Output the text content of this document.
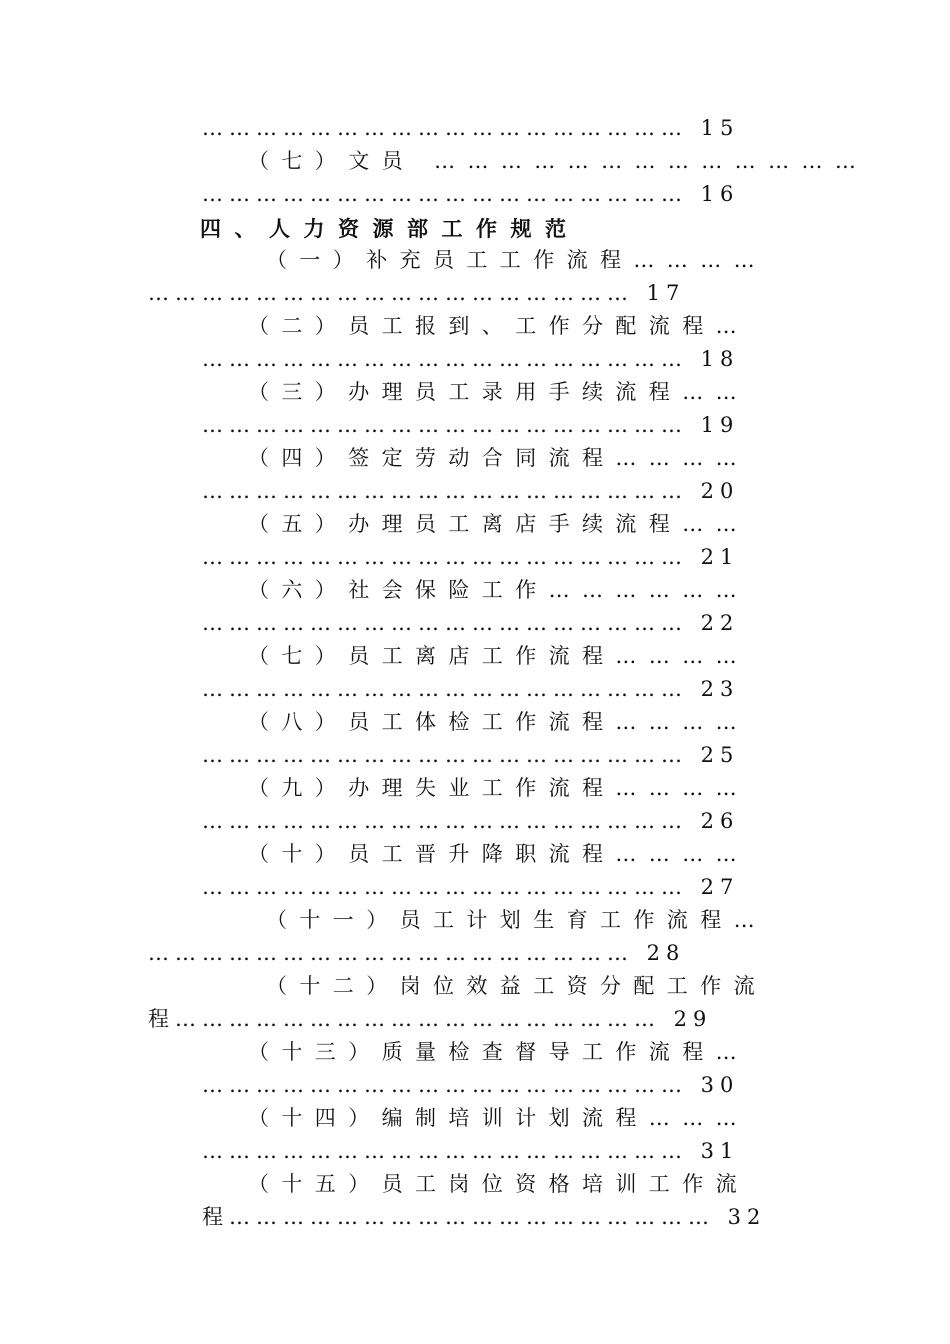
……………………………………………… 15
（七）文员 …………………………………
……………………………………………… 16
四、人力资源部工作规范
（一）补充员工工作流程…………
……………………………………………… 17
（二）员工报到、工作分配流程…
……………………………………………… 18
（三）办理员工录用手续流程……
……………………………………………… 19
（四）签定劳动合同流程…………
……………………………………………… 20
（五）办理员工离店手续流程……
……………………………………………… 21
（六）社会保险工作………………
……………………………………………… 22
（七）员工离店工作流程…………
……………………………………………… 23
（八）员工体检工作流程…………
……………………………………………… 25
（九）办理失业工作流程…………
……………………………………………… 26
（十）员工晋升降职流程…………
……………………………………………… 27
（十一）员工计划生育工作流程…
……………………………………………… 28
（十二）岗位效益工资分配工作流
程……………………………………………… 29
（十三）质量检查督导工作流程…
……………………………………………… 30
（十四）编制培训计划流程………
……………………………………………… 31
（十五）员工岗位资格培训工作流
程……………………………………………… 32
